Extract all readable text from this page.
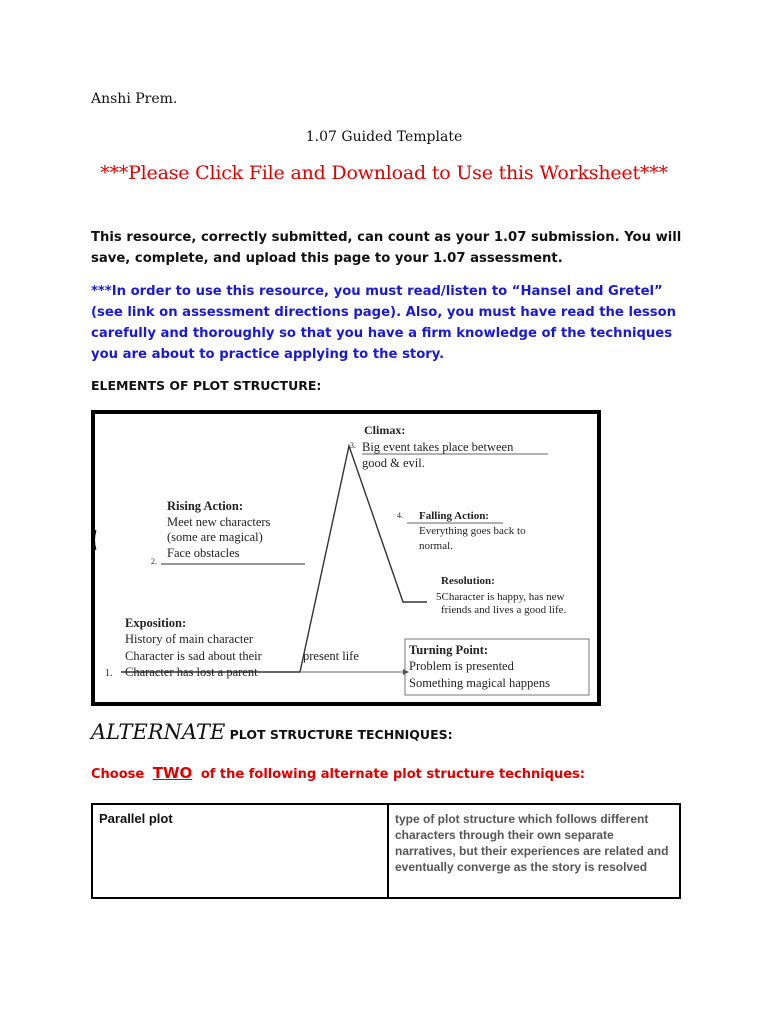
Anshi Prem.
1.07 Guided Template
***Please Click File and Download to Use this Worksheet***
This resource, correctly submitted, can count as your 1.07 submission. You will save, complete, and upload this page to your 1.07 assessment.
***In order to use this resource, you must read/listen to “Hansel and Gretel” (see link on assessment directions page). Also, you must have read the lesson carefully and thoroughly so that you have a firm knowledge of the techniques you are about to practice applying to the story.
ELEMENTS OF PLOT STRUCTURE:
Climax:
3. Big event takes place between
good & evil.
Rising Action:
Meet new characters
(some are magical)
2.
Face obstacles
4. Falling Action:
Everything goes back to
normal.
Resolution:
5Character is happy, has new
friends and lives a good life.
Exposition:
History of main character
Character is sad about their	present life
1. Character has lost a parent
Turning Point:
Problem is presented
Something magical happens
ALTERNATE PLOT STRUCTURE TECHNIQUES:
Choose TWO of the following alternate plot structure techniques:
Parallel plot	type of plot structure which follows different characters through their own separate narratives, but their experiences are related and eventually converge as the story is resolved
